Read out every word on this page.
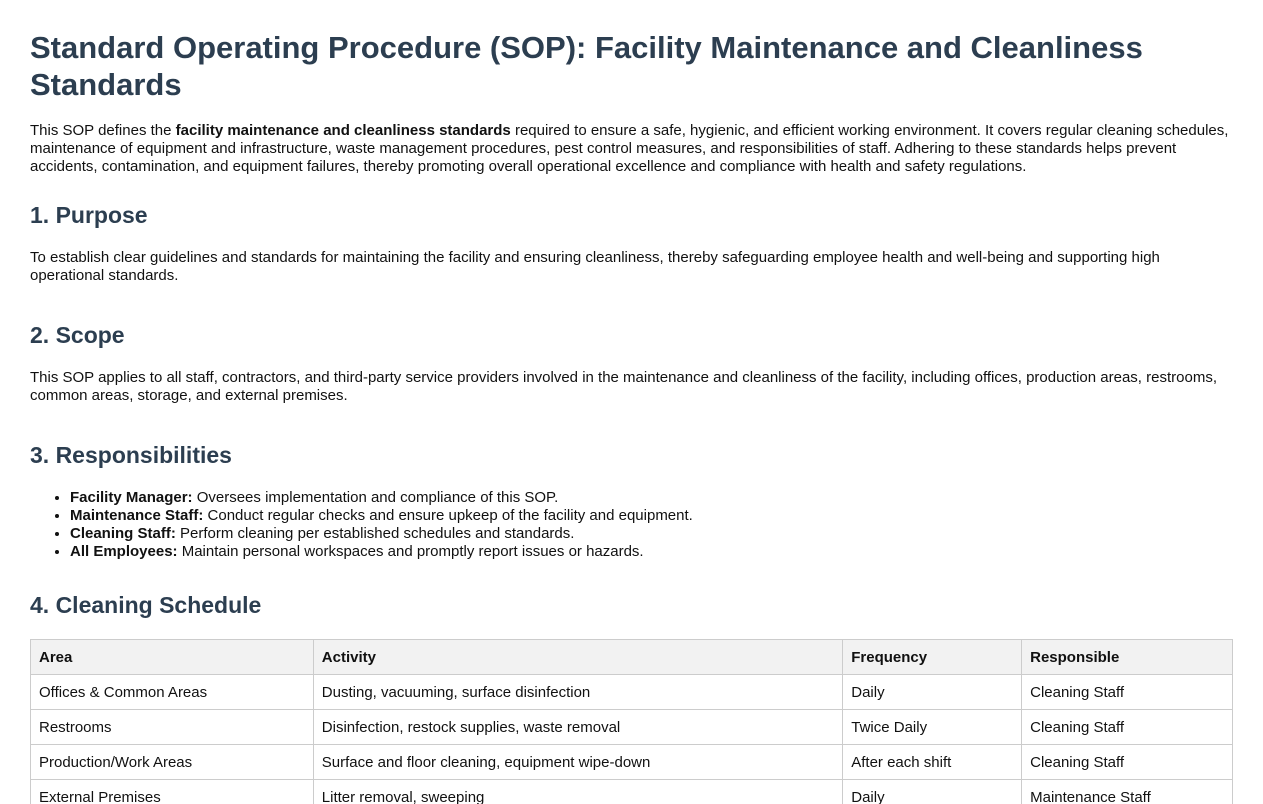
Standard Operating Procedure (SOP): Facility Maintenance and Cleanliness Standards

This SOP defines the facility maintenance and cleanliness standards required to ensure a safe, hygienic, and efficient working environment. It covers regular cleaning schedules, maintenance of equipment and infrastructure, waste management procedures, pest control measures, and responsibilities of staff. Adhering to these standards helps prevent accidents, contamination, and equipment failures, thereby promoting overall operational excellence and compliance with health and safety regulations.

1. Purpose

To establish clear guidelines and standards for maintaining the facility and ensuring cleanliness, thereby safeguarding employee health and well-being and supporting high operational standards.

2. Scope

This SOP applies to all staff, contractors, and third-party service providers involved in the maintenance and cleanliness of the facility, including offices, production areas, restrooms, common areas, storage, and external premises.

3. Responsibilities
• Facility Manager: Oversees implementation and compliance of this SOP.
• Maintenance Staff: Conduct regular checks and ensure upkeep of the facility and equipment.
• Cleaning Staff: Perform cleaning per established schedules and standards.
• All Employees: Maintain personal workspaces and promptly report issues or hazards.
4. Cleaning Schedule
Area	Activity	Frequency	Responsible
Offices & Common Areas	Dusting, vacuuming, surface disinfection	Daily	Cleaning Staff
Restrooms	Disinfection, restock supplies, waste removal	Twice Daily	Cleaning Staff
Production/Work Areas	Surface and floor cleaning, equipment wipe-down	After each shift	Cleaning Staff
External Premises	Litter removal, sweeping	Daily	Maintenance Staff
